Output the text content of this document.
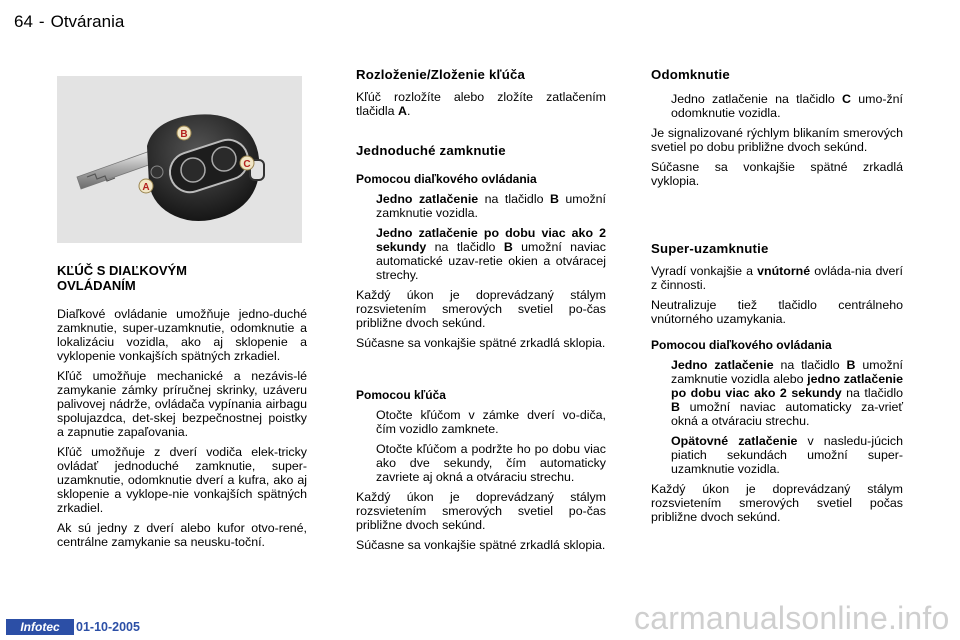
64 - Otvárania
A
B
C
KĽÚČ S DIAĽKOVÝM
OVLÁDANÍM

Diaľkové ovládanie umožňuje jedno-duché zamknutie, super-uzamknutie, odomknutie a lokalizáciu vozidla, ako aj sklopenie a vyklopenie vonkajších spätných zrkadiel.

Kľúč umožňuje mechanické a nezávis-lé zamykanie zámky príručnej skrinky, uzáveru palivovej nádrže, ovládača vypínania airbagu spolujazdca, det-skej bezpečnostnej poistky a zapnutie zapaľovania.

Kľúč umožňuje z dverí vodiča elek-tricky ovládať jednoduché zamknutie, super-uzamknutie, odomknutie dverí a kufra, ako aj sklopenie a vyklope-nie vonkajších spätných zrkadiel.

Ak sú jedny z dverí alebo kufor otvo-rené, centrálne zamykanie sa neusku-toční.

Rozloženie/Zloženie kľúča

Kľúč rozložíte alebo zložíte zatlačením tlačidla A.

Jednoduché zamknutie
Pomocou diaľkového ovládania
Jedno zatlačenie na tlačidlo B umožní zamknutie vozidla.
Jedno zatlačenie po dobu viac ako 2 sekundy na tlačidlo B umožní naviac automatické uzav-retie okien a otváracej strechy.

Každý úkon je doprevádzaný stálym rozsvietením smerových svetiel po-čas približne dvoch sekúnd.

Súčasne sa vonkajšie spätné zrkadlá sklopia.

Pomocou kľúča
Otočte kľúčom v zámke dverí vo-diča, čím vozidlo zamknete.
Otočte kľúčom a podržte ho po dobu viac ako dve sekundy, čím automaticky zavriete aj okná a otváraciu strechu.

Každý úkon je doprevádzaný stálym rozsvietením smerových svetiel po-čas približne dvoch sekúnd.

Súčasne sa vonkajšie spätné zrkadlá sklopia.

Odomknutie
Jedno zatlačenie na tlačidlo C umo-žní odomknutie vozidla.

Je signalizované rýchlym blikaním smerových svetiel po dobu približne dvoch sekúnd.

Súčasne sa vonkajšie spätné zrkadlá vyklopia.

Super-uzamknutie

Vyradí vonkajšie a vnútorné ovláda-nia dverí z činnosti.

Neutralizuje tiež tlačidlo centrálneho vnútorného uzamykania.

Pomocou diaľkového ovládania
Jedno zatlačenie na tlačidlo B umožní zamknutie vozidla alebo jedno zatlačenie po dobu viac ako 2 sekundy na tlačidlo B umožní naviac automaticky za-vrieť okná a otváraciu strechu.
Opätovné zatlačenie v nasledu-júcich piatich sekundách umožní super-uzamknutie vozidla.

Každý úkon je doprevádzaný stálym rozsvietením smerových svetiel počas približne dvoch sekúnd.

Infotec	01-10-2005	carmanualsonline.info
